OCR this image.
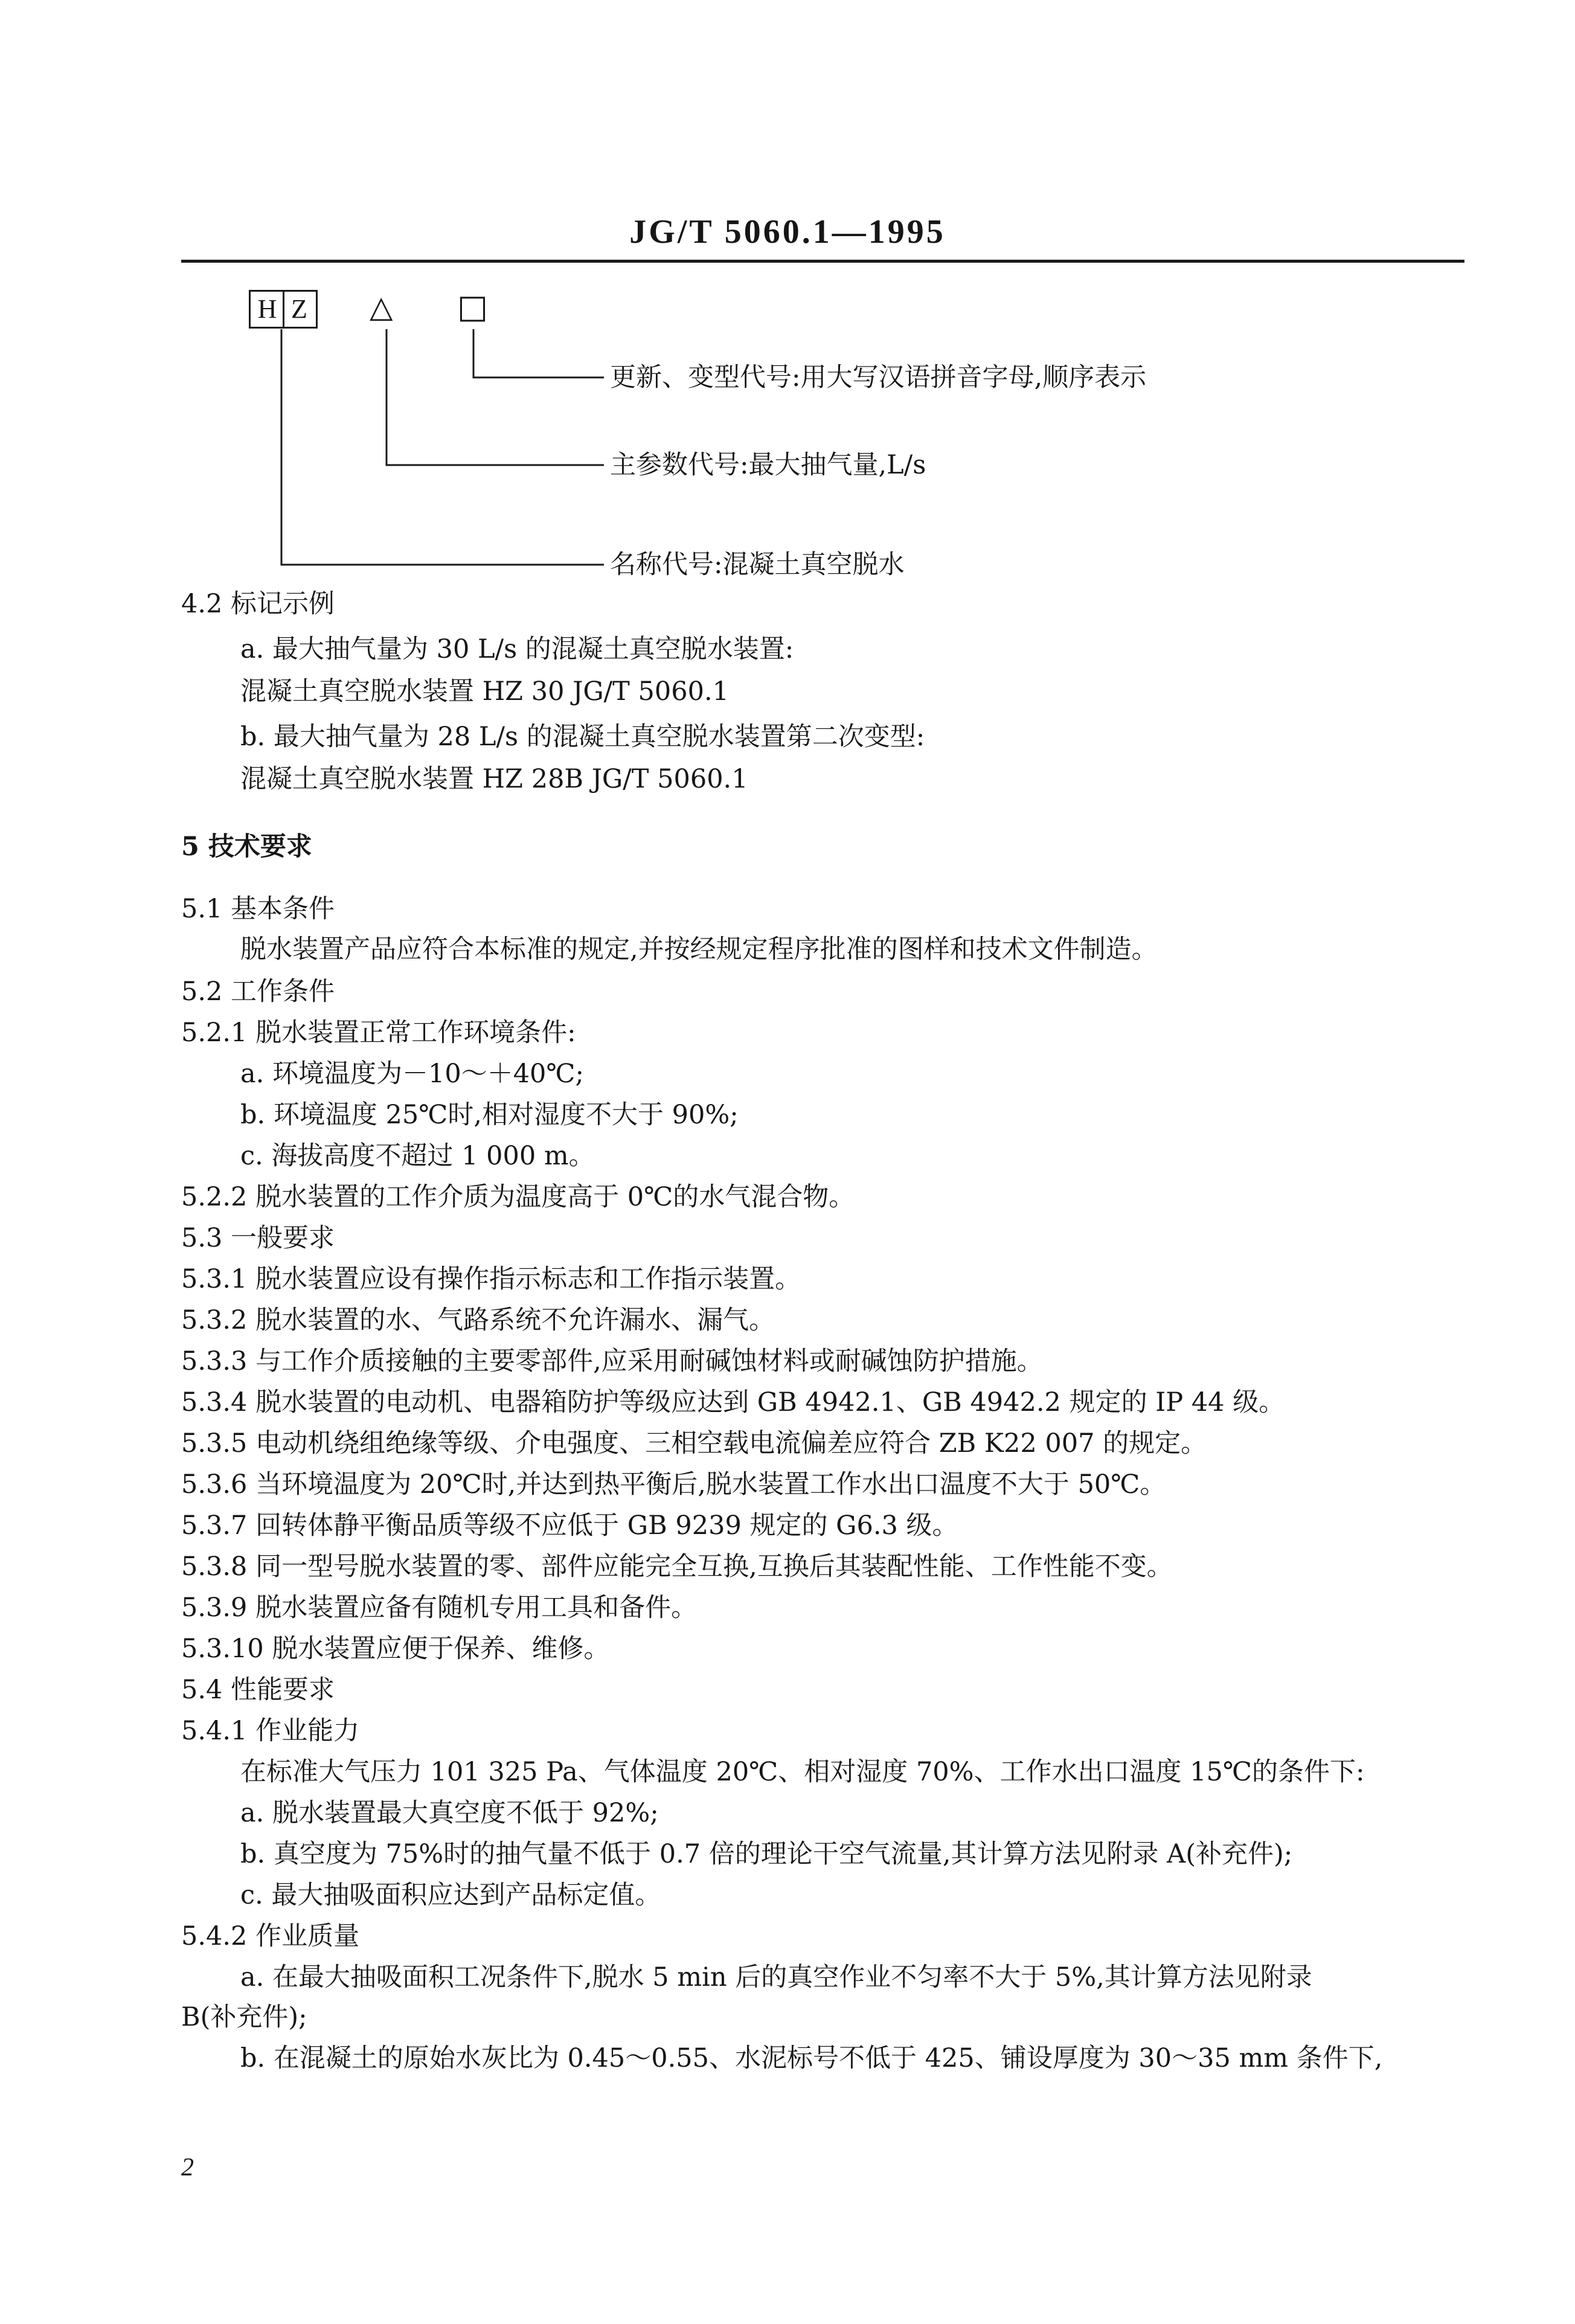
JG/T 5060.1—1995
H Z	△ □
更新、变型代号:用大写汉语拼音字母,顺序表示
主参数代号:最大抽气量,L/s
名称代号:混凝土真空脱水
4.2 标记示例
a. 最大抽气量为 30 L/s 的混凝土真空脱水装置:
混凝土真空脱水装置 HZ 30 JG/T 5060.1
b. 最大抽气量为 28 L/s 的混凝土真空脱水装置第二次变型:
混凝土真空脱水装置 HZ 28B JG/T 5060.1
5 技术要求
5.1 基本条件
脱水装置产品应符合本标准的规定,并按经规定程序批准的图样和技术文件制造。
5.2 工作条件
5.2.1 脱水装置正常工作环境条件:
a. 环境温度为－10～＋40℃;
b. 环境温度 25℃时,相对湿度不大于 90%;
c. 海拔高度不超过 1 000 m。
5.2.2 脱水装置的工作介质为温度高于 0℃的水气混合物。
5.3 一般要求
5.3.1 脱水装置应设有操作指示标志和工作指示装置。
5.3.2 脱水装置的水、气路系统不允许漏水、漏气。
5.3.3 与工作介质接触的主要零部件,应采用耐碱蚀材料或耐碱蚀防护措施。
5.3.4 脱水装置的电动机、电器箱防护等级应达到 GB 4942.1、GB 4942.2 规定的 IP 44 级。
5.3.5 电动机绕组绝缘等级、介电强度、三相空载电流偏差应符合 ZB K22 007 的规定。
5.3.6 当环境温度为 20℃时,并达到热平衡后,脱水装置工作水出口温度不大于 50℃。
5.3.7 回转体静平衡品质等级不应低于 GB 9239 规定的 G6.3 级。
5.3.8 同一型号脱水装置的零、部件应能完全互换,互换后其装配性能、工作性能不变。
5.3.9 脱水装置应备有随机专用工具和备件。
5.3.10 脱水装置应便于保养、维修。
5.4 性能要求
5.4.1 作业能力
在标准大气压力 101 325 Pa、气体温度 20℃、相对湿度 70%、工作水出口温度 15℃的条件下:
a. 脱水装置最大真空度不低于 92%;
b. 真空度为 75%时的抽气量不低于 0.7 倍的理论干空气流量,其计算方法见附录 A(补充件);
c. 最大抽吸面积应达到产品标定值。
5.4.2 作业质量
a. 在最大抽吸面积工况条件下,脱水 5 min 后的真空作业不匀率不大于 5%,其计算方法见附录
B(补充件);
b. 在混凝土的原始水灰比为 0.45～0.55、水泥标号不低于 425、铺设厚度为 30～35 mm 条件下,
2
